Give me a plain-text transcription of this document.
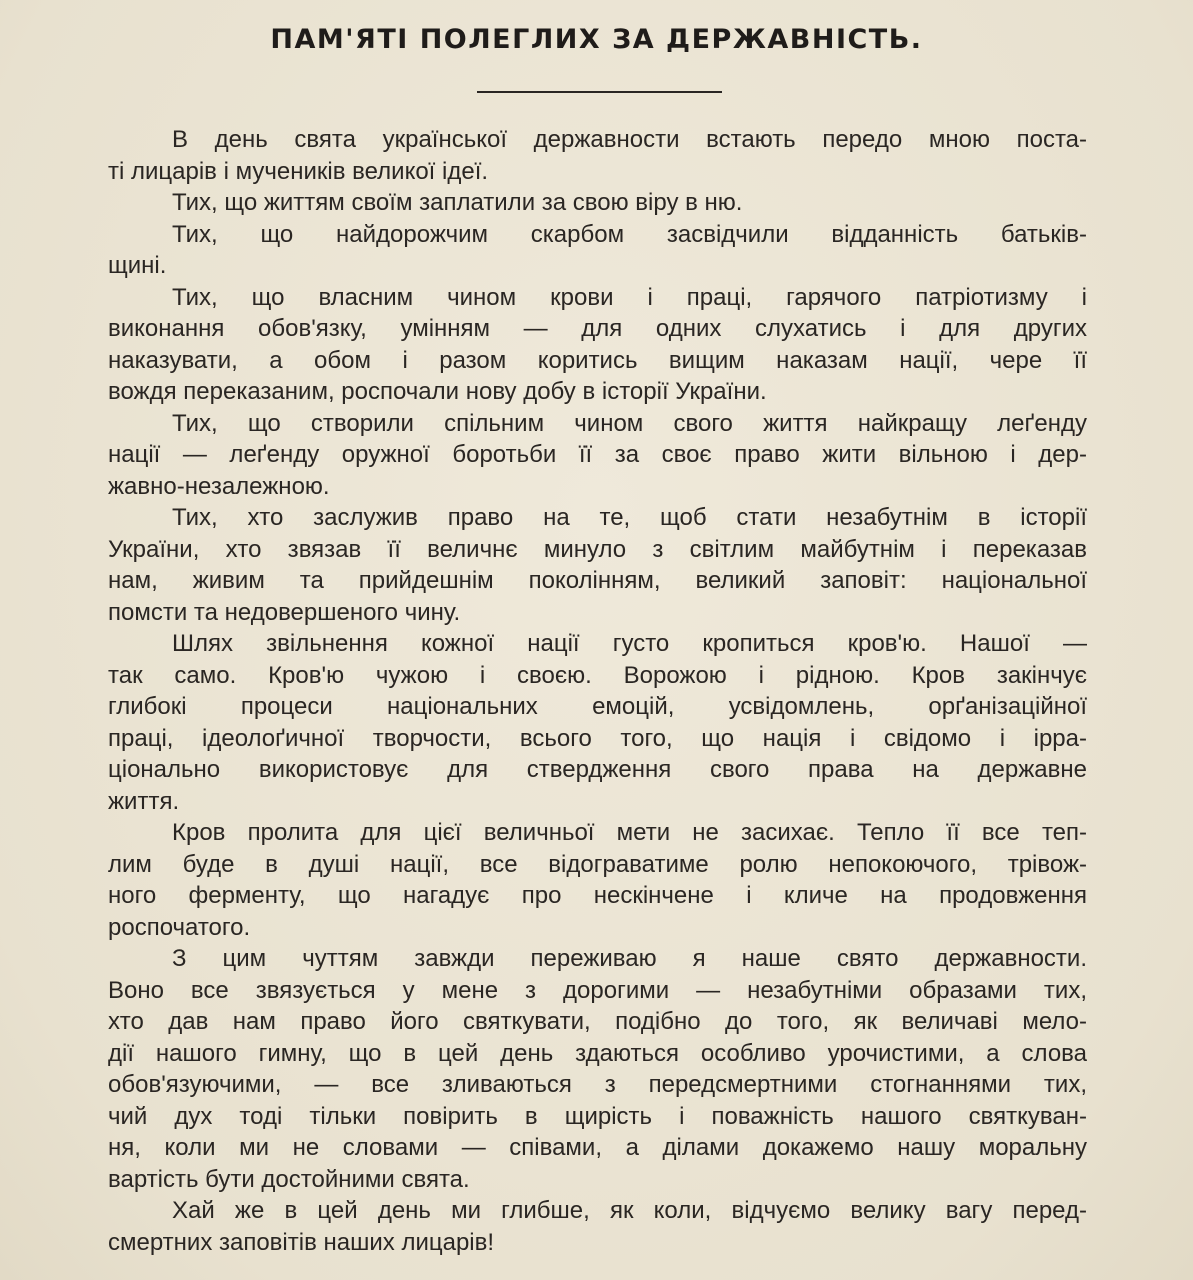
ПАМ'ЯТІ ПОЛЕГЛИХ ЗА ДЕРЖАВНІСТЬ.
В день свята української державности встають передо мною поста-
ті лицарів і мучеників великої ідеї.
Тих, що життям своїм заплатили за свою віру в ню.
Тих, що найдорожчим скарбом засвідчили відданність батьків-
щині.
Тих, що власним чином крови і праці, гарячого патріотизму і
виконання обов'язку, умінням — для одних слухатись і для других
наказувати, а обом і разом коритись вищим наказам нації, чере її
вождя переказаним, роспочали нову добу в історії України.
Тих, що створили спільним чином свого життя найкращу леґенду
нації — леґенду оружної боротьби її за своє право жити вільною і дер-
жавно-незалежною.
Тих, хто заслужив право на те, щоб стати незабутнім в історії
України, хто звязав її величнє минуло з світлим майбутнім і переказав
нам, живим та прийдешнім поколінням, великий заповіт: національної
помсти та недовершеного чину.
Шлях звільнення кожної нації густо кропиться кров'ю. Нашої —
так само. Кров'ю чужою і своєю. Ворожою і рідною. Кров закінчує
глибокі процеси національних емоцій, усвідомлень, орґанізаційної
праці, ідеолоґичної творчости, всього того, що нація і свідомо і ірра-
ціонально використовує для ствердження свого права на державне
життя.
Кров пролита для цієї величньої мети не засихає. Тепло її все теп-
лим буде в душі нації, все відограватиме ролю непокоючого, трівож-
ного ферменту, що нагадує про нескінчене і кличе на продовження
роспочатого.
З цим чуттям завжди переживаю я наше свято державности.
Воно все звязується у мене з дорогими — незабутніми образами тих,
хто дав нам право його святкувати, подібно до того, як величаві мело-
дії нашого гимну, що в цей день здаються особливо урочистими, а слова
обов'язуючими, — все зливаються з передсмертними стогнаннями тих,
чий дух тоді тільки повірить в щирість і поважність нашого святкуван-
ня, коли ми не словами — співами, а ділами докажемо нашу моральну
вартість бути достойними свята.
Хай же в цей день ми глибше, як коли, відчуємо велику вагу перед-
смертних заповітів наших лицарів!
